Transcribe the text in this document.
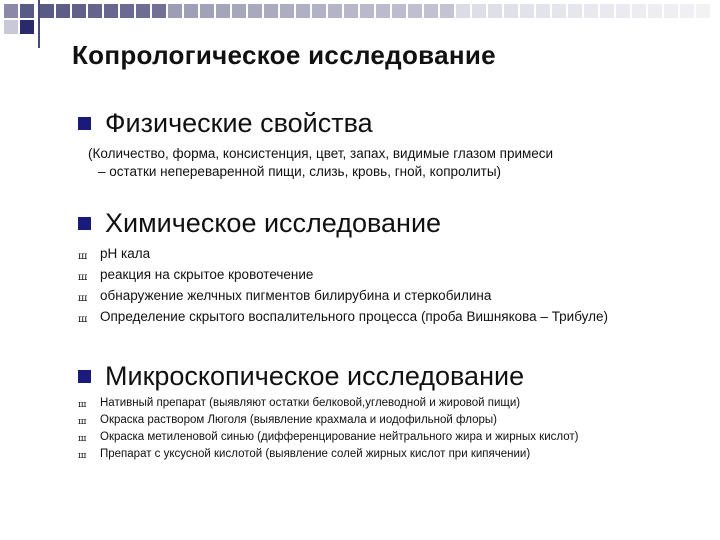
Копрологическое исследование
Физические свойства
(Количество, форма, консистенция, цвет, запах, видимые глазом примеси
– остатки непереваренной пищи, слизь, кровь, гной, копролиты)
Химическое исследование
ш рН кала
ш реакция на скрытое кровотечение
ш обнаружение желчных пигментов билирубина и стеркобилина
ш Определение скрытого воспалительного процесса (проба Вишнякова – Трибуле)
Микроскопическое исследование
ш	Нативный препарат (выявляют остатки белковой,углеводной и жировой пищи)
ш	Окраска раствором Люголя (выявление крахмала и иодофильной флоры)
ш	Окраска метиленовой синью (дифференцирование нейтрального жира и жирных кислот)
ш	Препарат с уксусной кислотой (выявление солей жирных кислот при кипячении)
